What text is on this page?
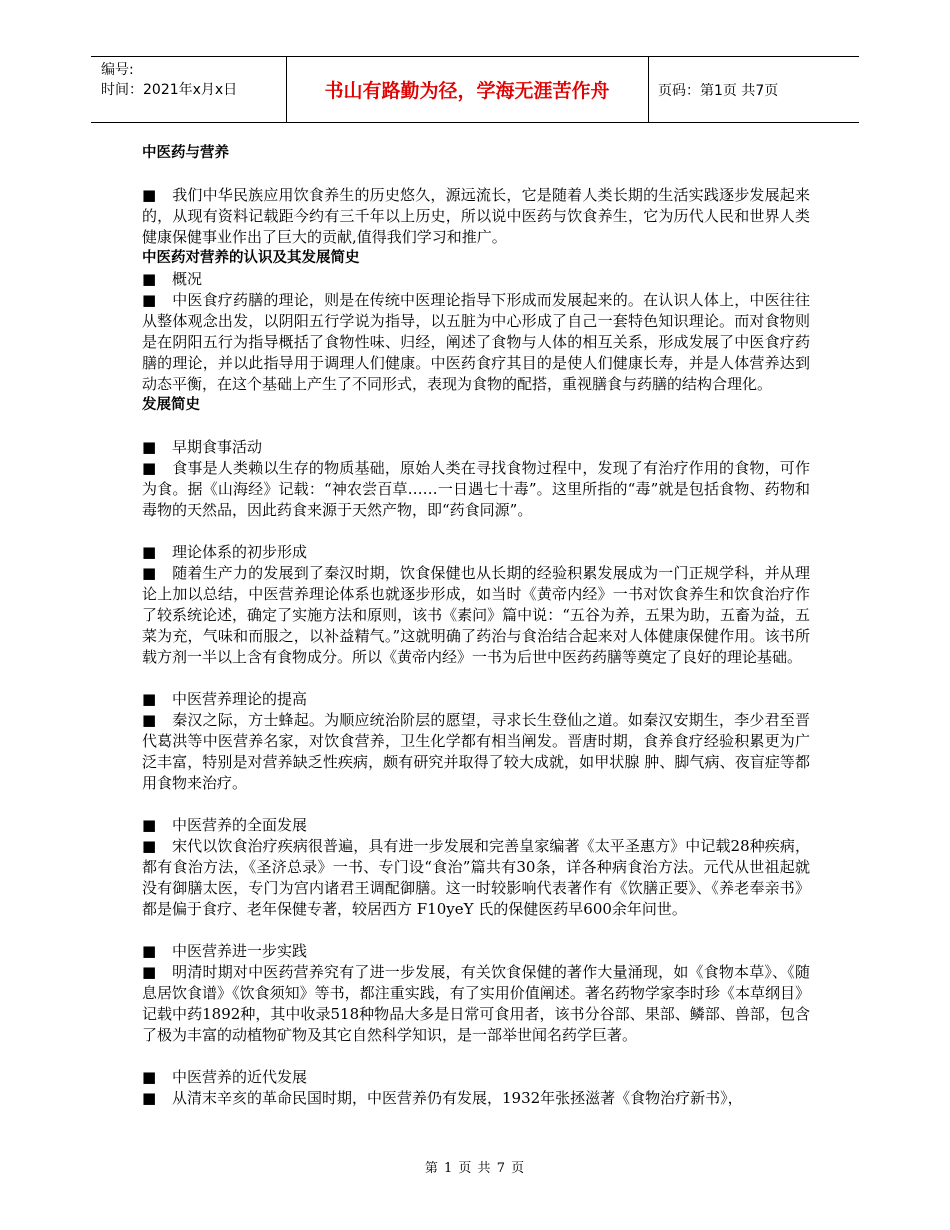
编号:
时间：2021年x月x日	书山有路勤为径，学海无涯苦作舟	页码：第1页 共7页

中医药与营养

■ 我们中华民族应用饮食养生的历史悠久，源远流长，它是随着人类长期的生活实践逐步发展起来的，从现有资料记载距今约有三千年以上历史，所以说中医药与饮食养生，它为历代人民和世界人类健康保健事业作出了巨大的贡献,值得我们学习和推广。

中医药对营养的认识及其发展简史

■ 概况

■ 中医食疗药膳的理论，则是在传统中医理论指导下形成而发展起来的。在认识人体上，中医往往从整体观念出发，以阴阳五行学说为指导，以五脏为中心形成了自己一套特色知识理论。而对食物则是在阴阳五行为指导概括了食物性味、归经，阐述了食物与人体的相互关系，形成发展了中医食疗药膳的理论，并以此指导用于调理人们健康。中医药食疗其目的是使人们健康长寿，并是人体营养达到动态平衡，在这个基础上产生了不同形式，表现为食物的配搭，重视膳食与药膳的结构合理化。

发展简史

■ 早期食事活动

■ 食事是人类赖以生存的物质基础，原始人类在寻找食物过程中，发现了有治疗作用的食物，可作为食。据《山海经》记载：“神农尝百草……一日遇七十毒”。这里所指的“毒”就是包括食物、药物和毒物的天然品，因此药食来源于天然产物，即“药食同源”。

■ 理论体系的初步形成

■ 随着生产力的发展到了秦汉时期，饮食保健也从长期的经验积累发展成为一门正规学科，并从理论上加以总结，中医营养理论体系也就逐步形成，如当时《黄帝内经》一书对饮食养生和饮食治疗作了较系统论述，确定了实施方法和原则，该书《素问》篇中说：“五谷为养，五果为助，五畜为益，五菜为充，气味和而服之，以补益精气。”这就明确了药治与食治结合起来对人体健康保健作用。该书所载方剂一半以上含有食物成分。所以《黄帝内经》一书为后世中医药药膳等奠定了良好的理论基础。

■ 中医营养理论的提高

■ 秦汉之际，方士蜂起。为顺应统治阶层的愿望，寻求长生登仙之道。如秦汉安期生，李少君至晋代葛洪等中医营养名家，对饮食营养，卫生化学都有相当阐发。晋唐时期，食养食疗经验积累更为广泛丰富，特别是对营养缺乏性疾病，颇有研究并取得了较大成就，如甲状腺 肿、脚气病、夜盲症等都用食物来治疗。

■ 中医营养的全面发展

■ 宋代以饮食治疗疾病很普遍，具有进一步发展和完善皇家编著《太平圣惠方》中记载28种疾病，都有食治方法，《圣济总录》一书、专门设“食治”篇共有30条，详各种病食治方法。元代从世祖起就没有御膳太医，专门为宫内诸君王调配御膳。这一时较影响代表著作有《饮膳正要》、《养老奉亲书》都是偏于食疗、老年保健专著，较居西方 F10yeY 氏的保健医药早600余年问世。

■ 中医营养进一步实践

■ 明清时期对中医药营养究有了进一步发展，有关饮食保健的著作大量涌现，如《食物本草》、《随息居饮食谱》《饮食须知》等书，都注重实践，有了实用价值阐述。著名药物学家李时珍《本草纲目》记载中药1892种，其中收录518种物品大多是日常可食用者，该书分谷部、果部、鳞部、兽部，包含了极为丰富的动植物矿物及其它自然科学知识，是一部举世闻名药学巨著。

■ 中医营养的近代发展

■ 从清末辛亥的革命民国时期，中医营养仍有发展，1932年张拯滋著《食物治疗新书》，

第 1 页 共 7 页
